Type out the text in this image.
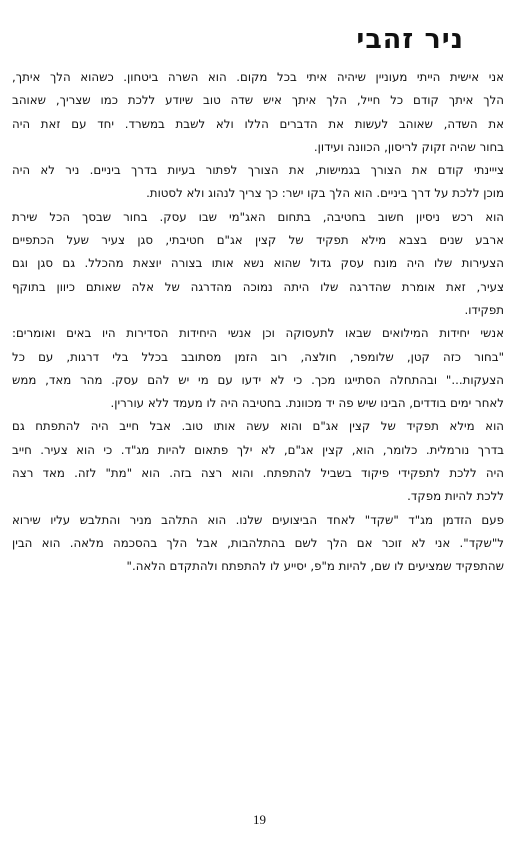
ניר זהבי
אני אישית הייתי מעוניין שיהיה איתי בכל מקום. הוא השרה ביטחון. כשהוא הלך איתך,
הלך איתך קודם כל חייל, הלך איתך איש שדה טוב שיודע ללכת כמו שצריך, שאוהב
את השדה, שאוהב לעשות את הדברים הללו ולא לשבת במשרד. יחד עם זאת היה
בחור שהיה זקוק לריסון, הכוונה ועידון.
צייינתי קודם את הצורך בגמישות, את הצורך לפתור בעיות בדרך ביניים. ניר לא היה
מוכן ללכת על דרך ביניים. הוא הלך בקו ישר: כך צריך לנהוג ולא לסטות.
הוא רכש ניסיון חשוב בחטיבה, בתחום האג"מי שבו עסק. בחור שבסך הכל שירת
ארבע שנים בצבא מילא תפקיד של קצין אג"ם חטיבתי, סגן צעיר שעל הכתפיים
הצעירות שלו היה מונח עסק גדול שהוא נשא אותו בצורה יוצאת מהכלל. גם סגן וגם
צעיר, זאת אומרת שהדרגה שלו היתה נמוכה מהדרגה של אלה שאותם כיוון בתוקף
תפקידו.
אנשי יחידות המילואים שבאו לתעסוקה וכן אנשי היחידות הסדירות היו באים ואומרים:
"בחור כזה קטן, שלומפר, חולצה, רוב הזמן מסתובב בכלל בלי דרגות, עם כל
הצעקות..." ובהתחלה הסתייגו מכך. כי לא ידעו עם מי יש להם עסק. מהר מאד, ממש
לאחר ימים בודדים, הבינו שיש פה יד מכוונת. בחטיבה היה לו מעמד ללא עוררין.
הוא מילא תפקיד של קצין אג"ם והוא עשה אותו טוב. אבל חייב היה להתפתח גם
בדרך נורמלית. כלומר, הוא, קצין אג"ם, לא ילך פתאום להיות מג"ד. כי הוא צעיר. חייב
היה ללכת לתפקידי פיקוד בשביל להתפתח. והוא רצה בזה. הוא "מת" לזה. מאד רצה
ללכת להיות מפקד.
פעם הזדמן מג"ד "שקד" לאחד הביצועים שלנו. הוא התלהב מניר והתלבש עליו שירוא
ל"שקד". אני לא זוכר אם הלך לשם בהתלהבות, אבל הלך בהסכמה מלאה. הוא הבין
שהתפקיד שמציעים לו שם, להיות מ"פ, יסייע לו להתפתח ולהתקדם הלאה."
19
